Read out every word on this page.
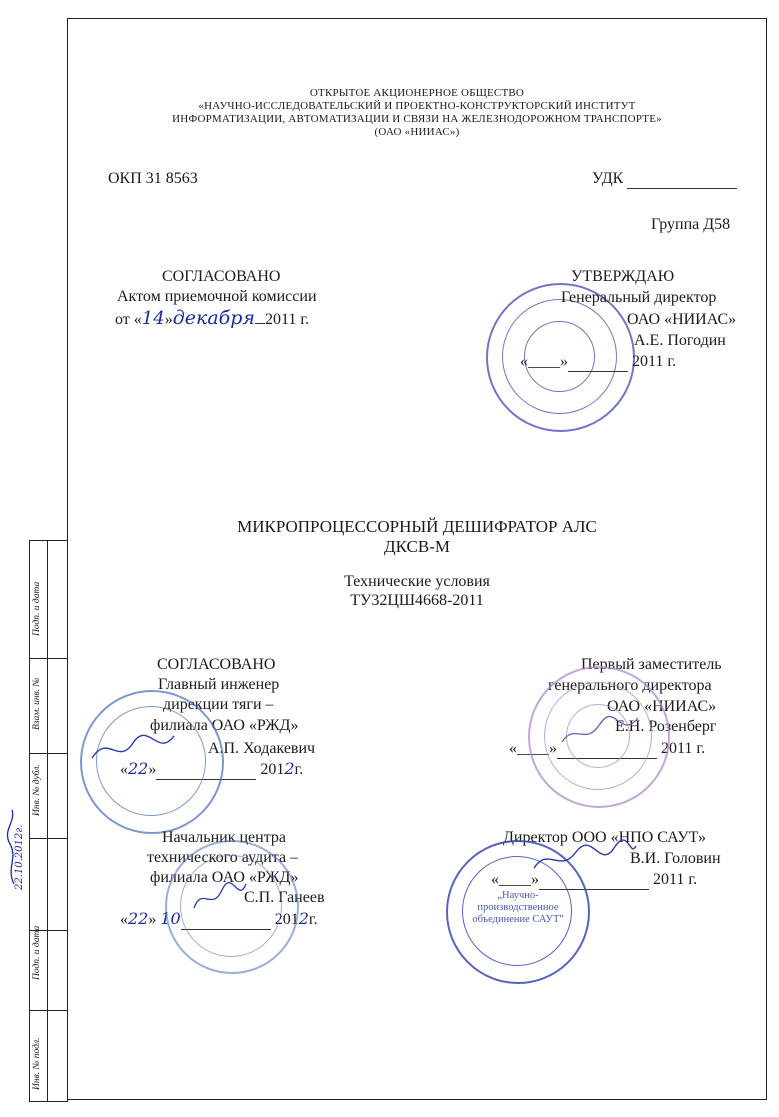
ОТКРЫТОЕ АКЦИОНЕРНОЕ ОБЩЕСТВО
«НАУЧНО-ИССЛЕДОВАТЕЛЬСКИЙ И ПРОЕКТНО-КОНСТРУКТОРСКИЙ ИНСТИТУТ
ИНФОРМАТИЗАЦИИ, АВТОМАТИЗАЦИИ И СВЯЗИ НА ЖЕЛЕЗНОДОРОЖНОМ ТРАНСПОРТЕ»
(ОАО «НИИАС»)
ОКП 31 8563	УДК
Группа Д58
СОГЛАСОВАНО
Актом приемочной комиссии
от «14»декабря 2011 г.
УТВЕРЖДАЮ
Генеральный директор
ОАО «НИИАС»
А.Е. Погодин
«____»	2011 г.
МИКРОПРОЦЕССОРНЫЙ ДЕШИФРАТОР АЛС
ДКСВ-М
Технические условия
ТУ32ЦШ4668-2011
СОГЛАСОВАНО
Главный инженер
дирекции тяги –
филиала ОАО «РЖД»
А.П. Ходакевич
«22»	2012г.
Первый заместитель
генерального директора
ОАО «НИИАС»
Е.Н. Розенберг
«____»	2011 г.
Начальник центра
технического аудита –
филиала ОАО «РЖД»
С.П. Ганеев
«22» 10	2012г.
Директор ООО «НПО САУТ»
В.И. Головин
«____»	2011 г.
„Научно-производственное объединение САУТ"
Подп. и дата
Взам. инв. №
Инв. № дубл.
Подп. и дата
Инв. № подл.
22.10.2012г.
